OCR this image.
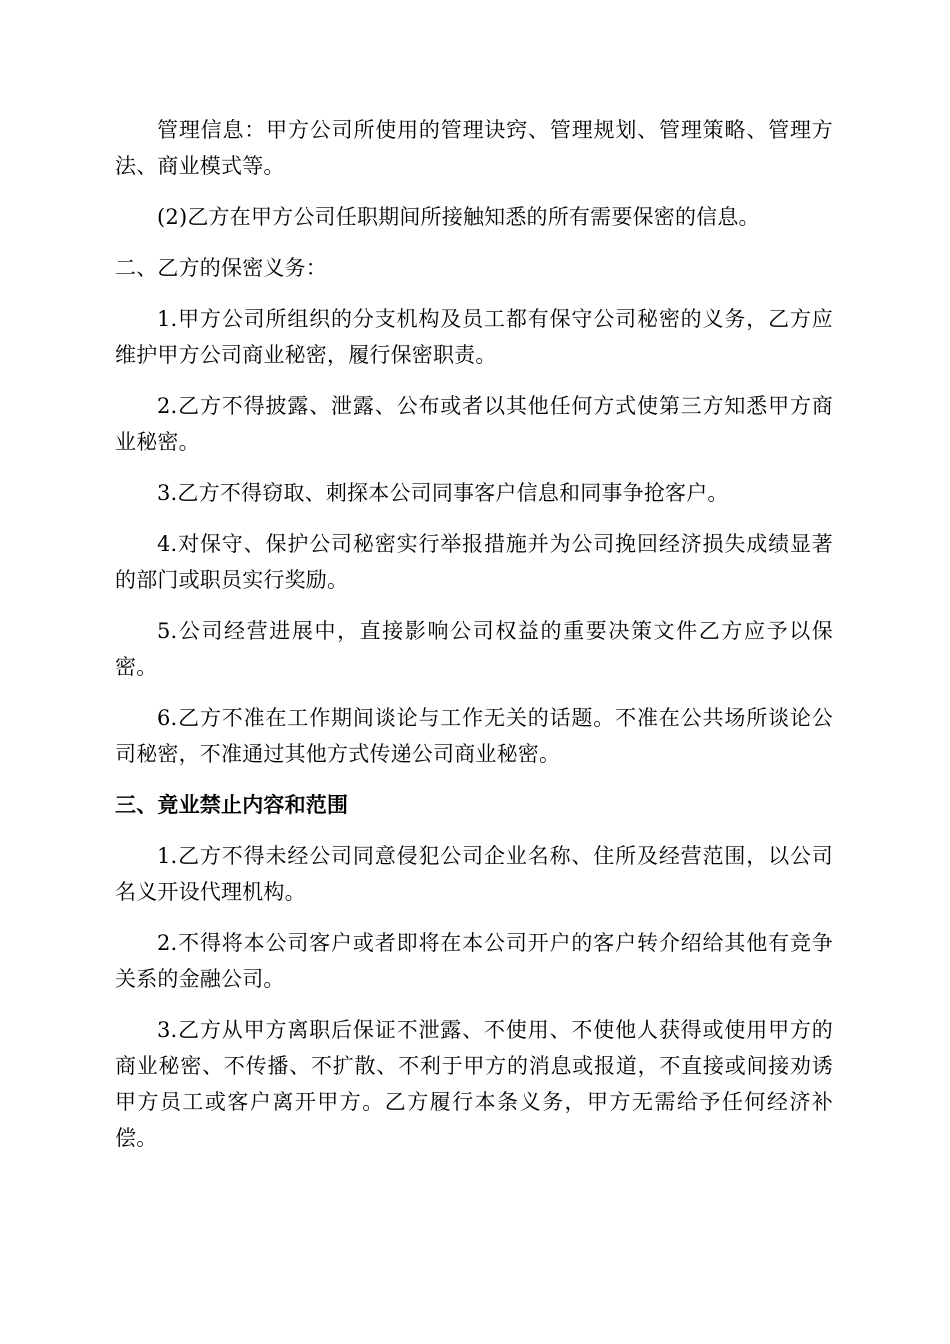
管理信息：甲方公司所使用的管理诀窍、管理规划、管理策略、管理方法、商业模式等。

(2)乙方在甲方公司任职期间所接触知悉的所有需要保密的信息。

二、乙方的保密义务：

1.甲方公司所组织的分支机构及员工都有保守公司秘密的义务，乙方应维护甲方公司商业秘密，履行保密职责。

2.乙方不得披露、泄露、公布或者以其他任何方式使第三方知悉甲方商业秘密。

3.乙方不得窃取、刺探本公司同事客户信息和同事争抢客户。

4.对保守、保护公司秘密实行举报措施并为公司挽回经济损失成绩显著的部门或职员实行奖励。

5.公司经营进展中，直接影响公司权益的重要决策文件乙方应予以保密。

6.乙方不准在工作期间谈论与工作无关的话题。不准在公共场所谈论公司秘密，不准通过其他方式传递公司商业秘密。

三、竟业禁止内容和范围

1.乙方不得未经公司同意侵犯公司企业名称、住所及经营范围，以公司名义开设代理机构。

2.不得将本公司客户或者即将在本公司开户的客户转介绍给其他有竞争关系的金融公司。

3.乙方从甲方离职后保证不泄露、不使用、不使他人获得或使用甲方的商业秘密、不传播、不扩散、不利于甲方的消息或报道，不直接或间接劝诱甲方员工或客户离开甲方。乙方履行本条义务，甲方无需给予任何经济补偿。
